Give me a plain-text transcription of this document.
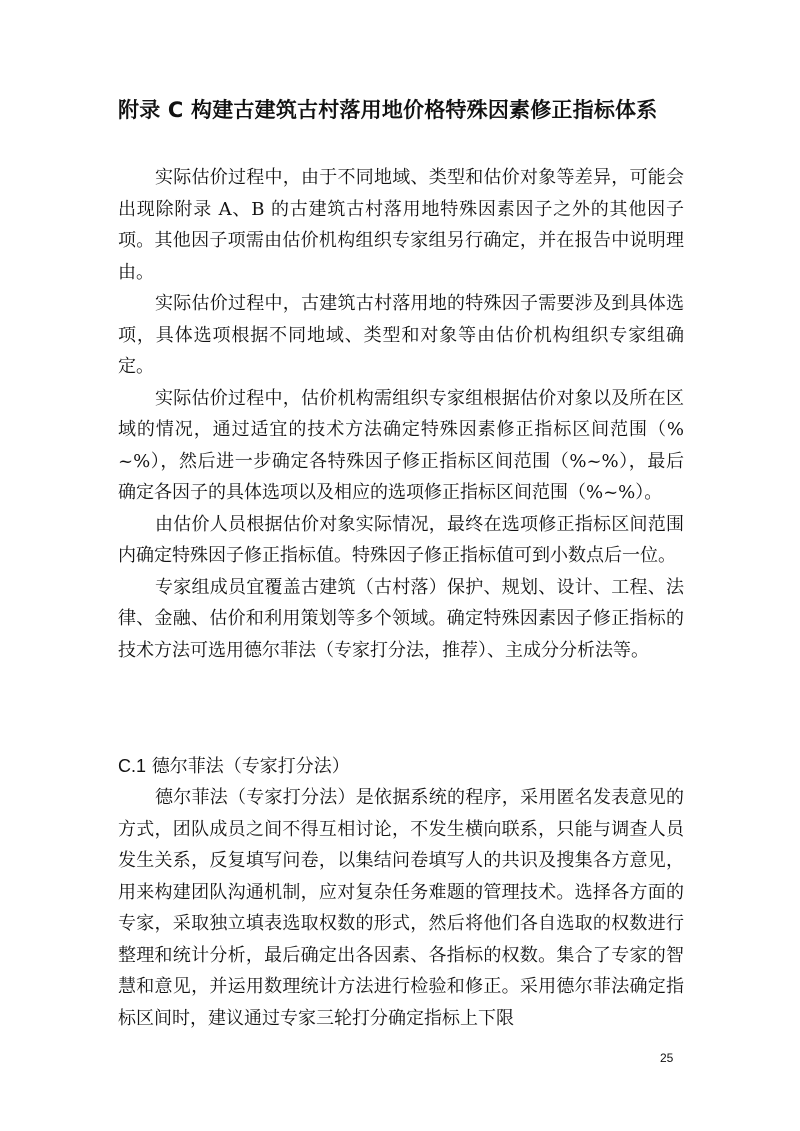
附录 C 构建古建筑古村落用地价格特殊因素修正指标体系

实际估价过程中，由于不同地域、类型和估价对象等差异，可能会出现除附录 A、B 的古建筑古村落用地特殊因素因子之外的其他因子项。其他因子项需由估价机构组织专家组另行确定，并在报告中说明理由。

实际估价过程中，古建筑古村落用地的特殊因子需要涉及到具体选项，具体选项根据不同地域、类型和对象等由估价机构组织专家组确定。

实际估价过程中，估价机构需组织专家组根据估价对象以及所在区域的情况，通过适宜的技术方法确定特殊因素修正指标区间范围（%~%），然后进一步确定各特殊因子修正指标区间范围（%~%），最后确定各因子的具体选项以及相应的选项修正指标区间范围（%~%）。

由估价人员根据估价对象实际情况，最终在选项修正指标区间范围内确定特殊因子修正指标值。特殊因子修正指标值可到小数点后一位。

专家组成员宜覆盖古建筑（古村落）保护、规划、设计、工程、法律、金融、估价和利用策划等多个领域。确定特殊因素因子修正指标的技术方法可选用德尔菲法（专家打分法，推荐）、主成分分析法等。

C.1 德尔菲法（专家打分法）

德尔菲法（专家打分法）是依据系统的程序，采用匿名发表意见的方式，团队成员之间不得互相讨论，不发生横向联系，只能与调查人员发生关系，反复填写问卷，以集结问卷填写人的共识及搜集各方意见，用来构建团队沟通机制，应对复杂任务难题的管理技术。选择各方面的专家，采取独立填表选取权数的形式，然后将他们各自选取的权数进行整理和统计分析，最后确定出各因素、各指标的权数。集合了专家的智慧和意见，并运用数理统计方法进行检验和修正。采用德尔菲法确定指标区间时，建议通过专家三轮打分确定指标上下限

25
